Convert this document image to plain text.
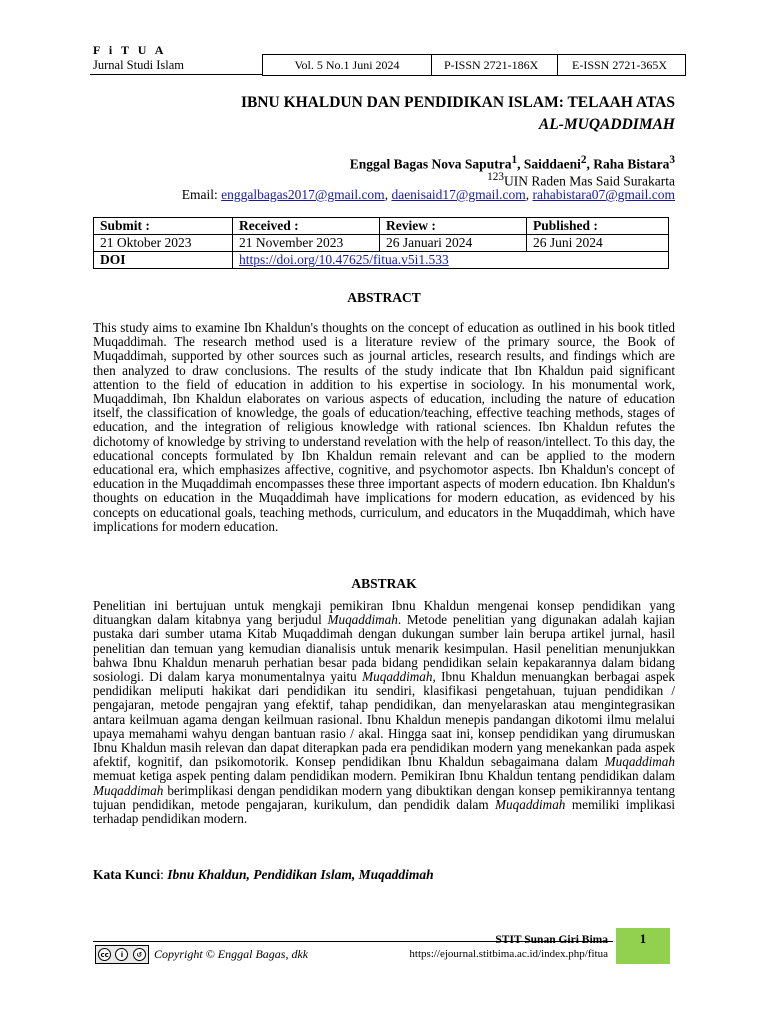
F i T U A
Jurnal Studi Islam	Vol. 5 No.1 Juni 2024	P-ISSN 2721-186X	E-ISSN 2721-365X
IBNU KHALDUN DAN PENDIDIKAN ISLAM: TELAAH ATAS
AL-MUQADDIMAH
Enggal Bagas Nova Saputra$^1$, Saiddaeni$^2$, Raha Bistara$^3$
$^{123}$UIN Raden Mas Said Surakarta
Email: enggalbagas2017@gmail.com, daenisaid17@gmail.com, rahabistara07@gmail.com
Submit :	Received :	Review :	Published :
21 Oktober 2023	21 November 2023	26 Januari 2024	26 Juni 2024
DOI	https://doi.org/10.47625/fitua.v5i1.533		
ABSTRACT
This study aims to examine Ibn Khaldun's thoughts on the concept of education as outlined in his book titled Muqaddimah. The research method used is a literature review of the primary source, the Book of Muqaddimah, supported by other sources such as journal articles, research results, and findings which are then analyzed to draw conclusions. The results of the study indicate that Ibn Khaldun paid significant attention to the field of education in addition to his expertise in sociology. In his monumental work, Muqaddimah, Ibn Khaldun elaborates on various aspects of education, including the nature of education itself, the classification of knowledge, the goals of education/teaching, effective teaching methods, stages of education, and the integration of religious knowledge with rational sciences. Ibn Khaldun refutes the dichotomy of knowledge by striving to understand revelation with the help of reason/intellect. To this day, the educational concepts formulated by Ibn Khaldun remain relevant and can be applied to the modern educational era, which emphasizes affective, cognitive, and psychomotor aspects. Ibn Khaldun's concept of education in the Muqaddimah encompasses these three important aspects of modern education. Ibn Khaldun's thoughts on education in the Muqaddimah have implications for modern education, as evidenced by his concepts on educational goals, teaching methods, curriculum, and educators in the Muqaddimah, which have implications for modern education.
ABSTRAK
Penelitian ini bertujuan untuk mengkaji pemikiran Ibnu Khaldun mengenai konsep pendidikan yang dituangkan dalam kitabnya yang berjudul Muqaddimah. Metode penelitian yang digunakan adalah kajian pustaka dari sumber utama Kitab Muqaddimah dengan dukungan sumber lain berupa artikel jurnal, hasil penelitian dan temuan yang kemudian dianalisis untuk menarik kesimpulan. Hasil penelitian menunjukkan bahwa Ibnu Khaldun menaruh perhatian besar pada bidang pendidikan selain kepakarannya dalam bidang sosiologi. Di dalam karya monumentalnya yaitu Muqaddimah, Ibnu Khaldun menuangkan berbagai aspek pendidikan meliputi hakikat dari pendidikan itu sendiri, klasifikasi pengetahuan, tujuan pendidikan / pengajaran, metode pengajran yang efektif, tahap pendidikan, dan menyelaraskan atau mengintegrasikan antara keilmuan agama dengan keilmuan rasional. Ibnu Khaldun menepis pandangan dikotomi ilmu melalui upaya memahami wahyu dengan bantuan rasio / akal. Hingga saat ini, konsep pendidikan yang dirumuskan Ibnu Khaldun masih relevan dan dapat diterapkan pada era pendidikan modern yang menekankan pada aspek afektif, kognitif, dan psikomotorik. Konsep pendidikan Ibnu Khaldun sebagaimana dalam Muqaddimah memuat ketiga aspek penting dalam pendidikan modern. Pemikiran Ibnu Khaldun tentang pendidikan dalam Muqaddimah berimplikasi dengan pendidikan modern yang dibuktikan dengan konsep pemikirannya tentang tujuan pendidikan, metode pengajaran, kurikulum, dan pendidik dalam Muqaddimah memiliki implikasi terhadap pendidikan modern.
Kata Kunci: Ibnu Khaldun, Pendidikan Islam, Muqaddimah
cc	i	↺ Copyright © Enggal Bagas, dkk
STIT Sunan Giri Bima
https://ejournal.stitbima.ac.id/index.php/fitua
1
